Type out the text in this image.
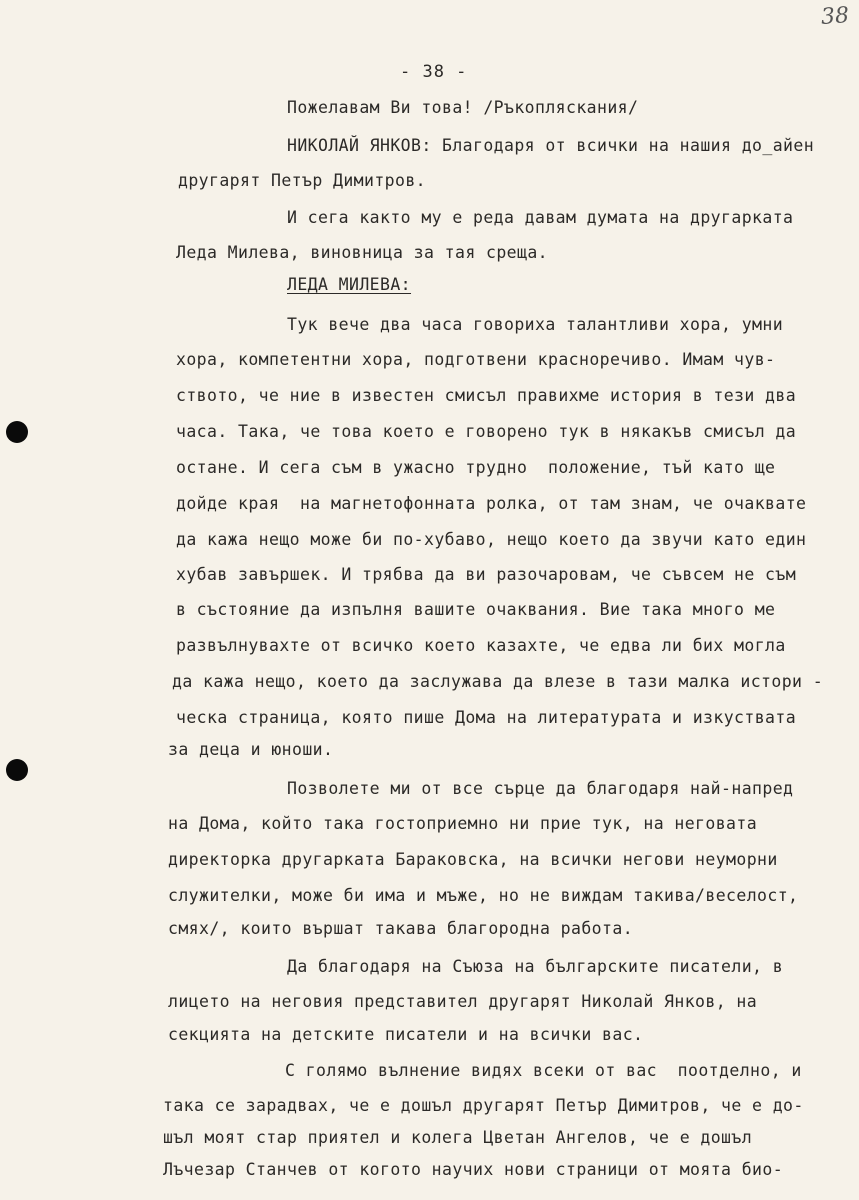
38
- 38 -
Пожелавам Ви това! /Ръкопляскания/
НИКОЛАЙ ЯНКОВ: Благодаря от всички на нашия до_айен
другарят Петър Димитров.
И сега както му е реда давам думата на другарката
Леда Милева, виновница за тая среща.
ЛЕДА МИЛЕВА:
Тук вече два часа говориха талантливи хора, умни
хора, компетентни хора, подготвени красноречиво. Имам чув-
ството, че ние в известен смисъл правихме история в тези два
часа. Така, че това което е говорено тук в някакъв смисъл да
остане. И сега съм в ужасно трудно  положение, тъй като ще
дойде края  на магнетофонната ролка, от там знам, че очаквате
да кажа нещо може би по-хубаво, нещо което да звучи като един
хубав завършек. И трябва да ви разочаровам, че съвсем не съм
в състояние да изпълня вашите очаквания. Вие така много ме
развълнувахте от всичко което казахте, че едва ли бих могла
да кажа нещо, което да заслужава да влезе в тази малка истори -
ческа страница, която пише Дома на литературата и изкуствата
за деца и юноши.
Позволете ми от все сърце да благодаря най-напред
на Дома, който така гостоприемно ни прие тук, на неговата
директорка другарката Бараковска, на всички негови неуморни
служителки, може би има и мъже, но не виждам такива/веселост,
смях/, които вършат такава благородна работа.
Да благодаря на Съюза на българските писатели, в
лицето на неговия представител другарят Николай Янков, на
секцията на детските писатели и на всички вас.
С голямо вълнение видях всеки от вас  поотделно, и
така се зарадвах, че е дошъл другарят Петър Димитров, че е до-
шъл моят стар приятел и колега Цветан Ангелов, че е дошъл
Лъчезар Станчев от когото научих нови страници от моята био-
